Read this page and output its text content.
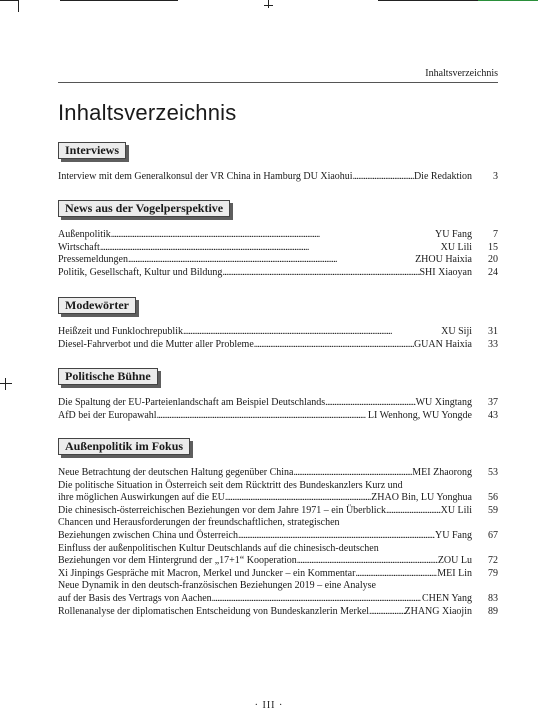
Inhaltsverzeichnis
Inhaltsverzeichnis
Interviews
Interview mit dem Generalkonsul der VR China in Hamburg DU Xiaohui . . .	Die Redaktion	3
News aus der Vogelperspektive
Außenpolitik . . .	YU Fang	7
Wirtschaft . . .	XU Lili	15
Pressemeldungen . . .	ZHOU Haixia	20
Politik, Gesellschaft, Kultur und Bildung . . .	SHI Xiaoyan	24
Modewörter
Heißzeit und Funklochrepublik . . .	XU Siji	31
Diesel-Fahrverbot und die Mutter aller Probleme . . .	GUAN Haixia	33
Politische Bühne
Die Spaltung der EU-Parteienlandschaft am Beispiel Deutschlands . . .	WU Xingtang	37
AfD bei der Europawahl . . .	LI Wenhong, WU Yongde	43
Außenpolitik im Fokus
Neue Betrachtung der deutschen Haltung gegenüber China . . .	MEI Zhaorong	53
Die politische Situation in Österreich seit dem Rücktritt des Bundeskanzlers Kurz und
ihre möglichen Auswirkungen auf die EU . . .	ZHAO Bin, LU Yonghua	56
Die chinesisch-österreichischen Beziehungen vor dem Jahre 1971 – ein Überblick . . .	XU Lili	59
Chancen und Herausforderungen der freundschaftlichen, strategischen
Beziehungen zwischen China und Österreich . . .	YU Fang	67
Einfluss der außenpolitischen Kultur Deutschlands auf die chinesisch-deutschen
Beziehungen vor dem Hintergrund der „17+1“ Kooperation . . .	ZOU Lu	72
Xi Jinpings Gespräche mit Macron, Merkel und Juncker – ein Kommentar . . .	MEI Lin	79
Neue Dynamik in den deutsch-französischen Beziehungen 2019 – eine Analyse
auf der Basis des Vertrags von Aachen . . .	CHEN Yang	83
Rollenanalyse der diplomatischen Entscheidung von Bundeskanzlerin Merkel . . .	ZHANG Xiaojin	89
· III ·
